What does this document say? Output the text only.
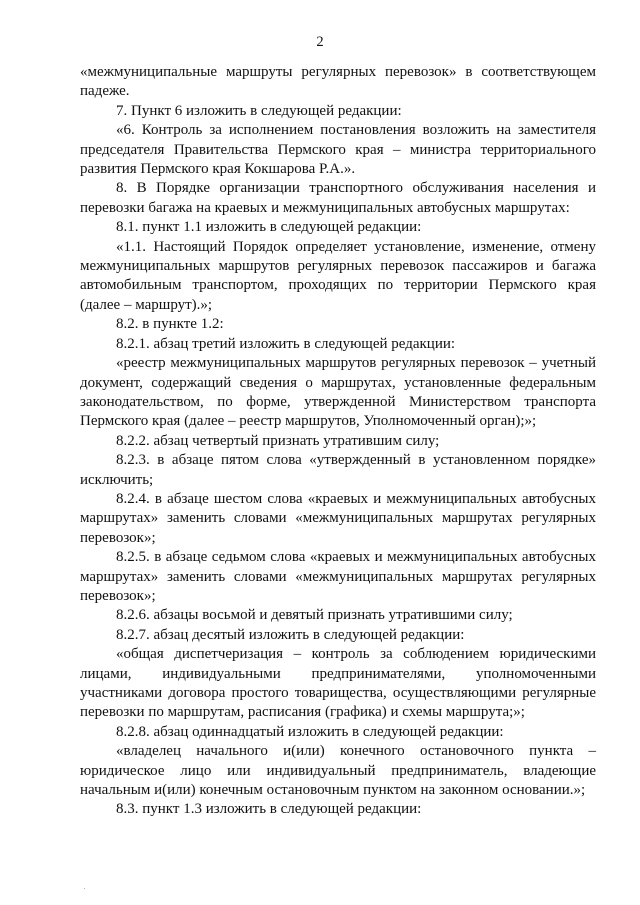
2

«межмуниципальные маршруты регулярных перевозок» в соответствующем падеже.

7. Пункт 6 изложить в следующей редакции:

«6. Контроль за исполнением постановления возложить на заместителя председателя Правительства Пермского края – министра территориального развития Пермского края Кокшарова Р.А.».

8. В Порядке организации транспортного обслуживания населения и перевозки багажа на краевых и межмуниципальных автобусных маршрутах:

8.1. пункт 1.1 изложить в следующей редакции:

«1.1. Настоящий Порядок определяет установление, изменение, отмену межмуниципальных маршрутов регулярных перевозок пассажиров и багажа автомобильным транспортом, проходящих по территории Пермского края (далее – маршрут).»;

8.2. в пункте 1.2:

8.2.1. абзац третий изложить в следующей редакции:

«реестр межмуниципальных маршрутов регулярных перевозок – учетный документ, содержащий сведения о маршрутах, установленные федеральным законодательством, по форме, утвержденной Министерством транспорта Пермского края (далее – реестр маршрутов, Уполномоченный орган);»;

8.2.2. абзац четвертый признать утратившим силу;

8.2.3. в абзаце пятом слова «утвержденный в установленном порядке» исключить;

8.2.4. в абзаце шестом слова «краевых и межмуниципальных автобусных маршрутах» заменить словами «межмуниципальных маршрутах регулярных перевозок»;

8.2.5. в абзаце седьмом слова «краевых и межмуниципальных автобусных маршрутах» заменить словами «межмуниципальных маршрутах регулярных перевозок»;

8.2.6. абзацы восьмой и девятый признать утратившими силу;

8.2.7. абзац десятый изложить в следующей редакции:

«общая диспетчеризация – контроль за соблюдением юридическими лицами, индивидуальными предпринимателями, уполномоченными участниками договора простого товарищества, осуществляющими регулярные перевозки по маршрутам, расписания (графика) и схемы маршрута;»;

8.2.8. абзац одиннадцатый изложить в следующей редакции:

«владелец начального и(или) конечного остановочного пункта – юридическое лицо или индивидуальный предприниматель, владеющие начальным и(или) конечным остановочным пунктом на законном основании.»;

8.3. пункт 1.3 изложить в следующей редакции:
